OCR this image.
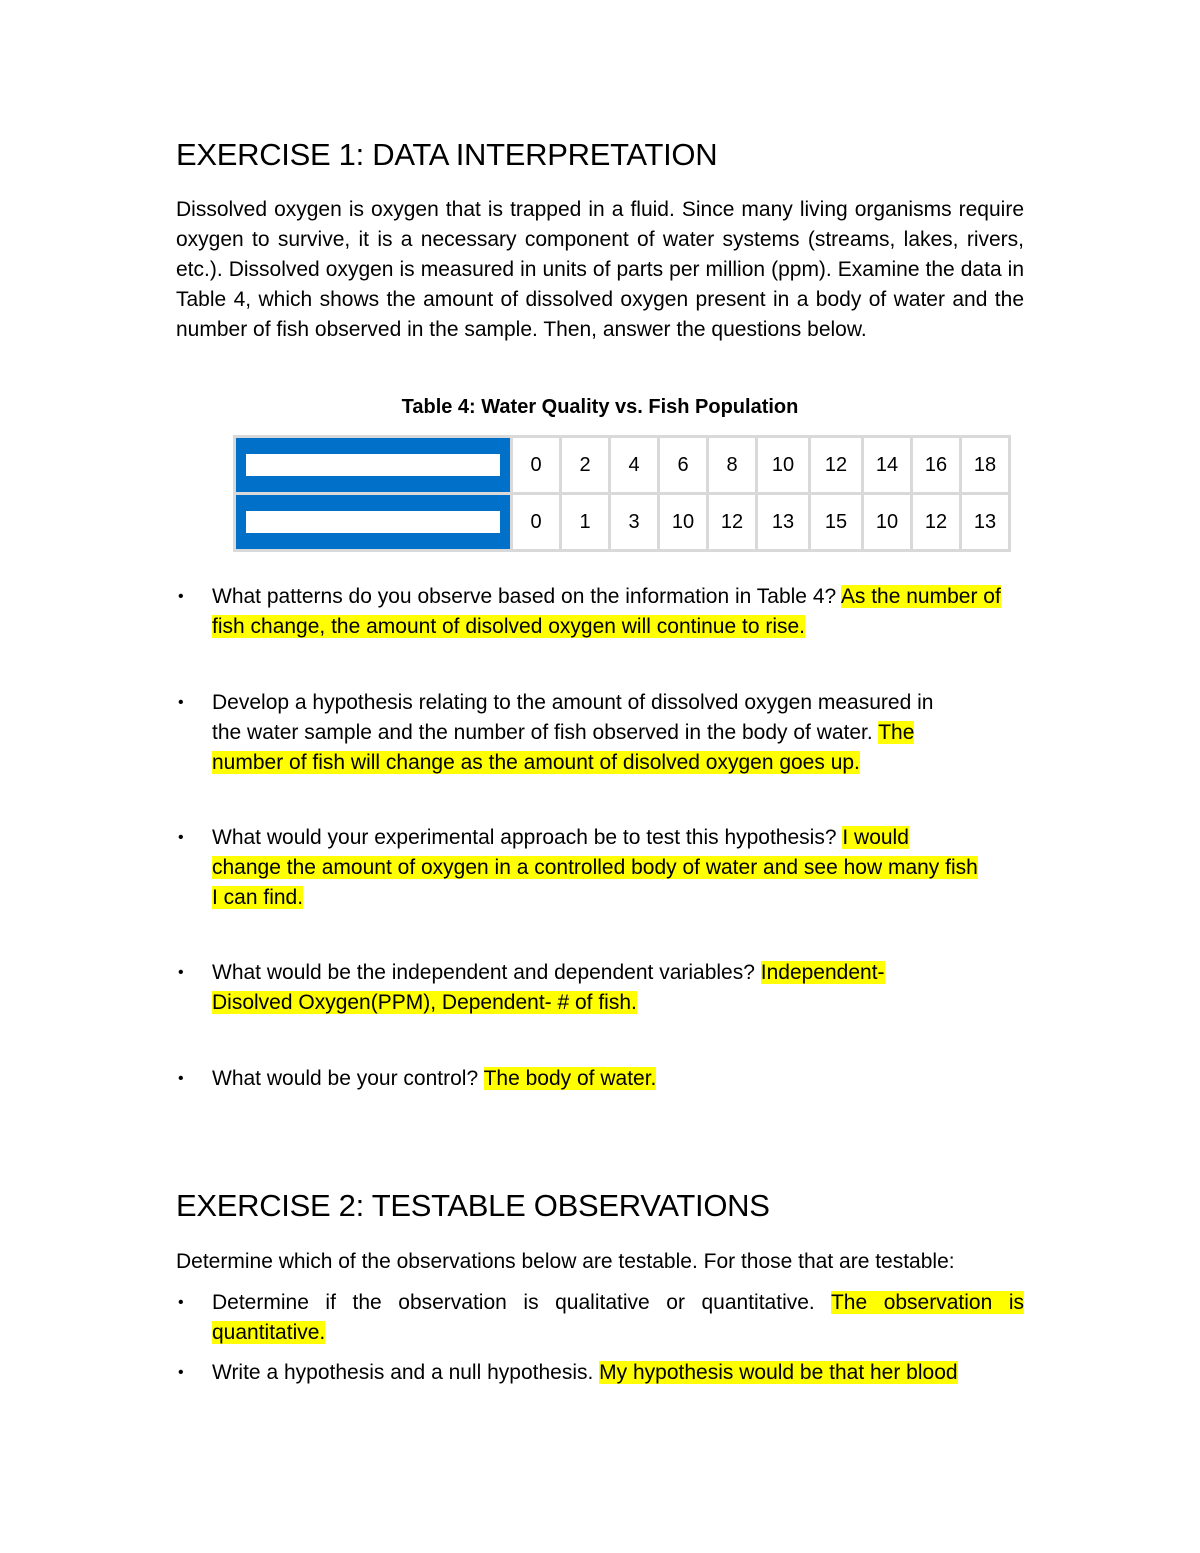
EXERCISE 1: DATA INTERPRETATION

Dissolved oxygen is oxygen that is trapped in a fluid. Since many living organisms require oxygen to survive, it is a necessary component of water systems (streams, lakes, rivers, etc.). Dissolved oxygen is measured in units of parts per million (ppm). Examine the data in Table 4, which shows the amount of dissolved oxygen present in a body of water and the number of fish observed in the sample. Then, answer the questions below.

Table 4: Water Quality vs. Fish Population

	0	2	4	6	8	10	12	14	16	18

	0	1	3	10	12	13	15	10	12	13
• What patterns do you observe based on the information in Table 4? As the number of fish change, the amount of disolved oxygen will continue to rise.
• Develop a hypothesis relating to the amount of dissolved oxygen measured in the water sample and the number of fish observed in the body of water. The number of fish will change as the amount of disolved oxygen goes up.
• What would your experimental approach be to test this hypothesis? I would change the amount of oxygen in a controlled body of water and see how many fish I can find.
• What would be the independent and dependent variables? Independent- Disolved Oxygen(PPM), Dependent- # of fish.
• What would be your control? The body of water.
EXERCISE 2: TESTABLE OBSERVATIONS

Determine which of the observations below are testable. For those that are testable:

• Determine if the observation is qualitative or quantitative. The observation is quantitative.
• Write a hypothesis and a null hypothesis. My hypothesis would be that her blood
